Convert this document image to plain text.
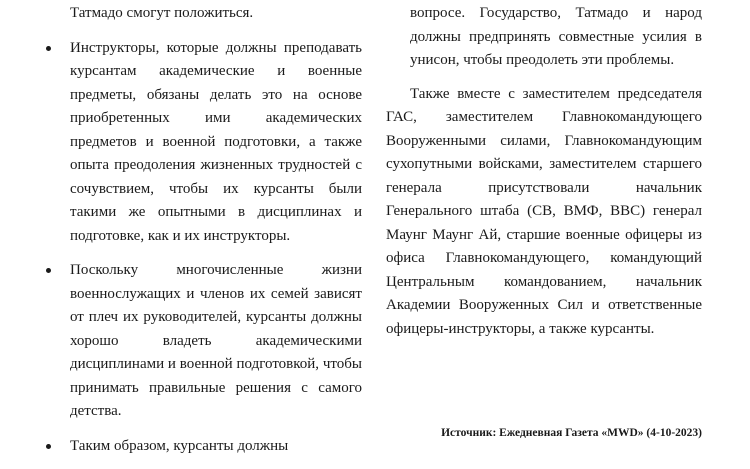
Татмадо смогут положиться.

Инструкторы, которые должны преподавать курсантам академические и военные предметы, обязаны делать это на основе приобретенных ими академических предметов и военной подготовки, а также опыта преодоления жизненных трудностей с сочувствием, чтобы их курсанты были такими же опытными в дисциплинах и подготовке, как и их инструкторы.

Поскольку многочисленные жизни военнослужащих и членов их семей зависят от плеч их руководителей, курсанты должны хорошо владеть академическими дисциплинами и военной подготовкой, чтобы принимать правильные решения с самого детства.

Таким образом, курсанты должны

вопросе. Государство, Татмадо и народ должны предпринять совместные усилия в унисон, чтобы преодолеть эти проблемы.

Также вместе с заместителем председателя ГАС, заместителем Главнокомандующего Вооруженными силами, Главнокомандующим сухопутными войсками, заместителем старшего генерала присутствовали начальник Генерального штаба (СВ, ВМФ, ВВС) генерал Маунг Маунг Ай, старшие военные офицеры из офиса Главнокомандующего, командующий Центральным командованием, начальник Академии Вооруженных Сил и ответственные офицеры-инструкторы, а также курсанты.

Источник: Ежедневная Газета «MWD» (4-10-2023)
